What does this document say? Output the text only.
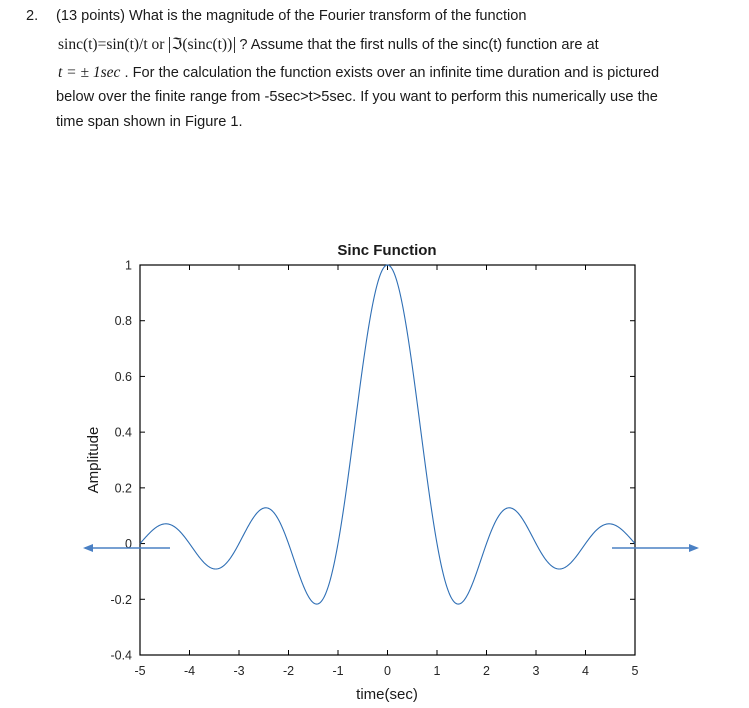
2. (13 points) What is the magnitude of the Fourier transform of the function
sinc(t)=sin(t)/t or ℑ(sinc(t)) ? Assume that the first nulls of the sinc(t) function are at
t = ± 1sec . For the calculation the function exists over an infinite time duration and is pictured
below over the finite range from -5sec>t>5sec. If you want to perform this numerically use the
time span shown in Figure 1.
-5	-4	-3	-2	-1	0	1	2	3	4	5
-0.4
-0.2
0
0.2
0.4
0.6
0.8
1
Sinc Function
time(sec)
Amplitude
